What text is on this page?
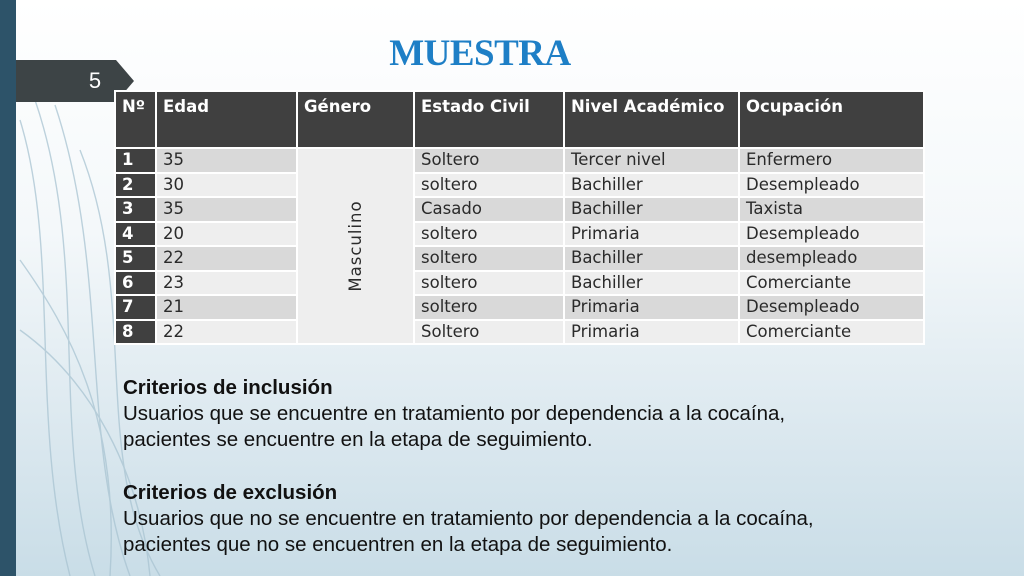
5
MUESTRA
Nº	Edad	Género	Estado Civil	Nivel Académico	Ocupación
1	35	Masculino	Soltero	Tercer nivel	Enfermero
2	30		soltero	Bachiller	Desempleado
3	35		Casado	Bachiller	Taxista
4	20		soltero	Primaria	Desempleado
5	22		soltero	Bachiller	desempleado
6	23		soltero	Bachiller	Comerciante
7	21		soltero	Primaria	Desempleado
8	22		Soltero	Primaria	Comerciante
Criterios de inclusión
Usuarios que se encuentre en tratamiento por dependencia a la cocaína,
pacientes se encuentre en la etapa de seguimiento.
Criterios de exclusión
Usuarios que no se encuentre en tratamiento por dependencia a la cocaína,
pacientes que no se encuentren en la etapa de seguimiento.
